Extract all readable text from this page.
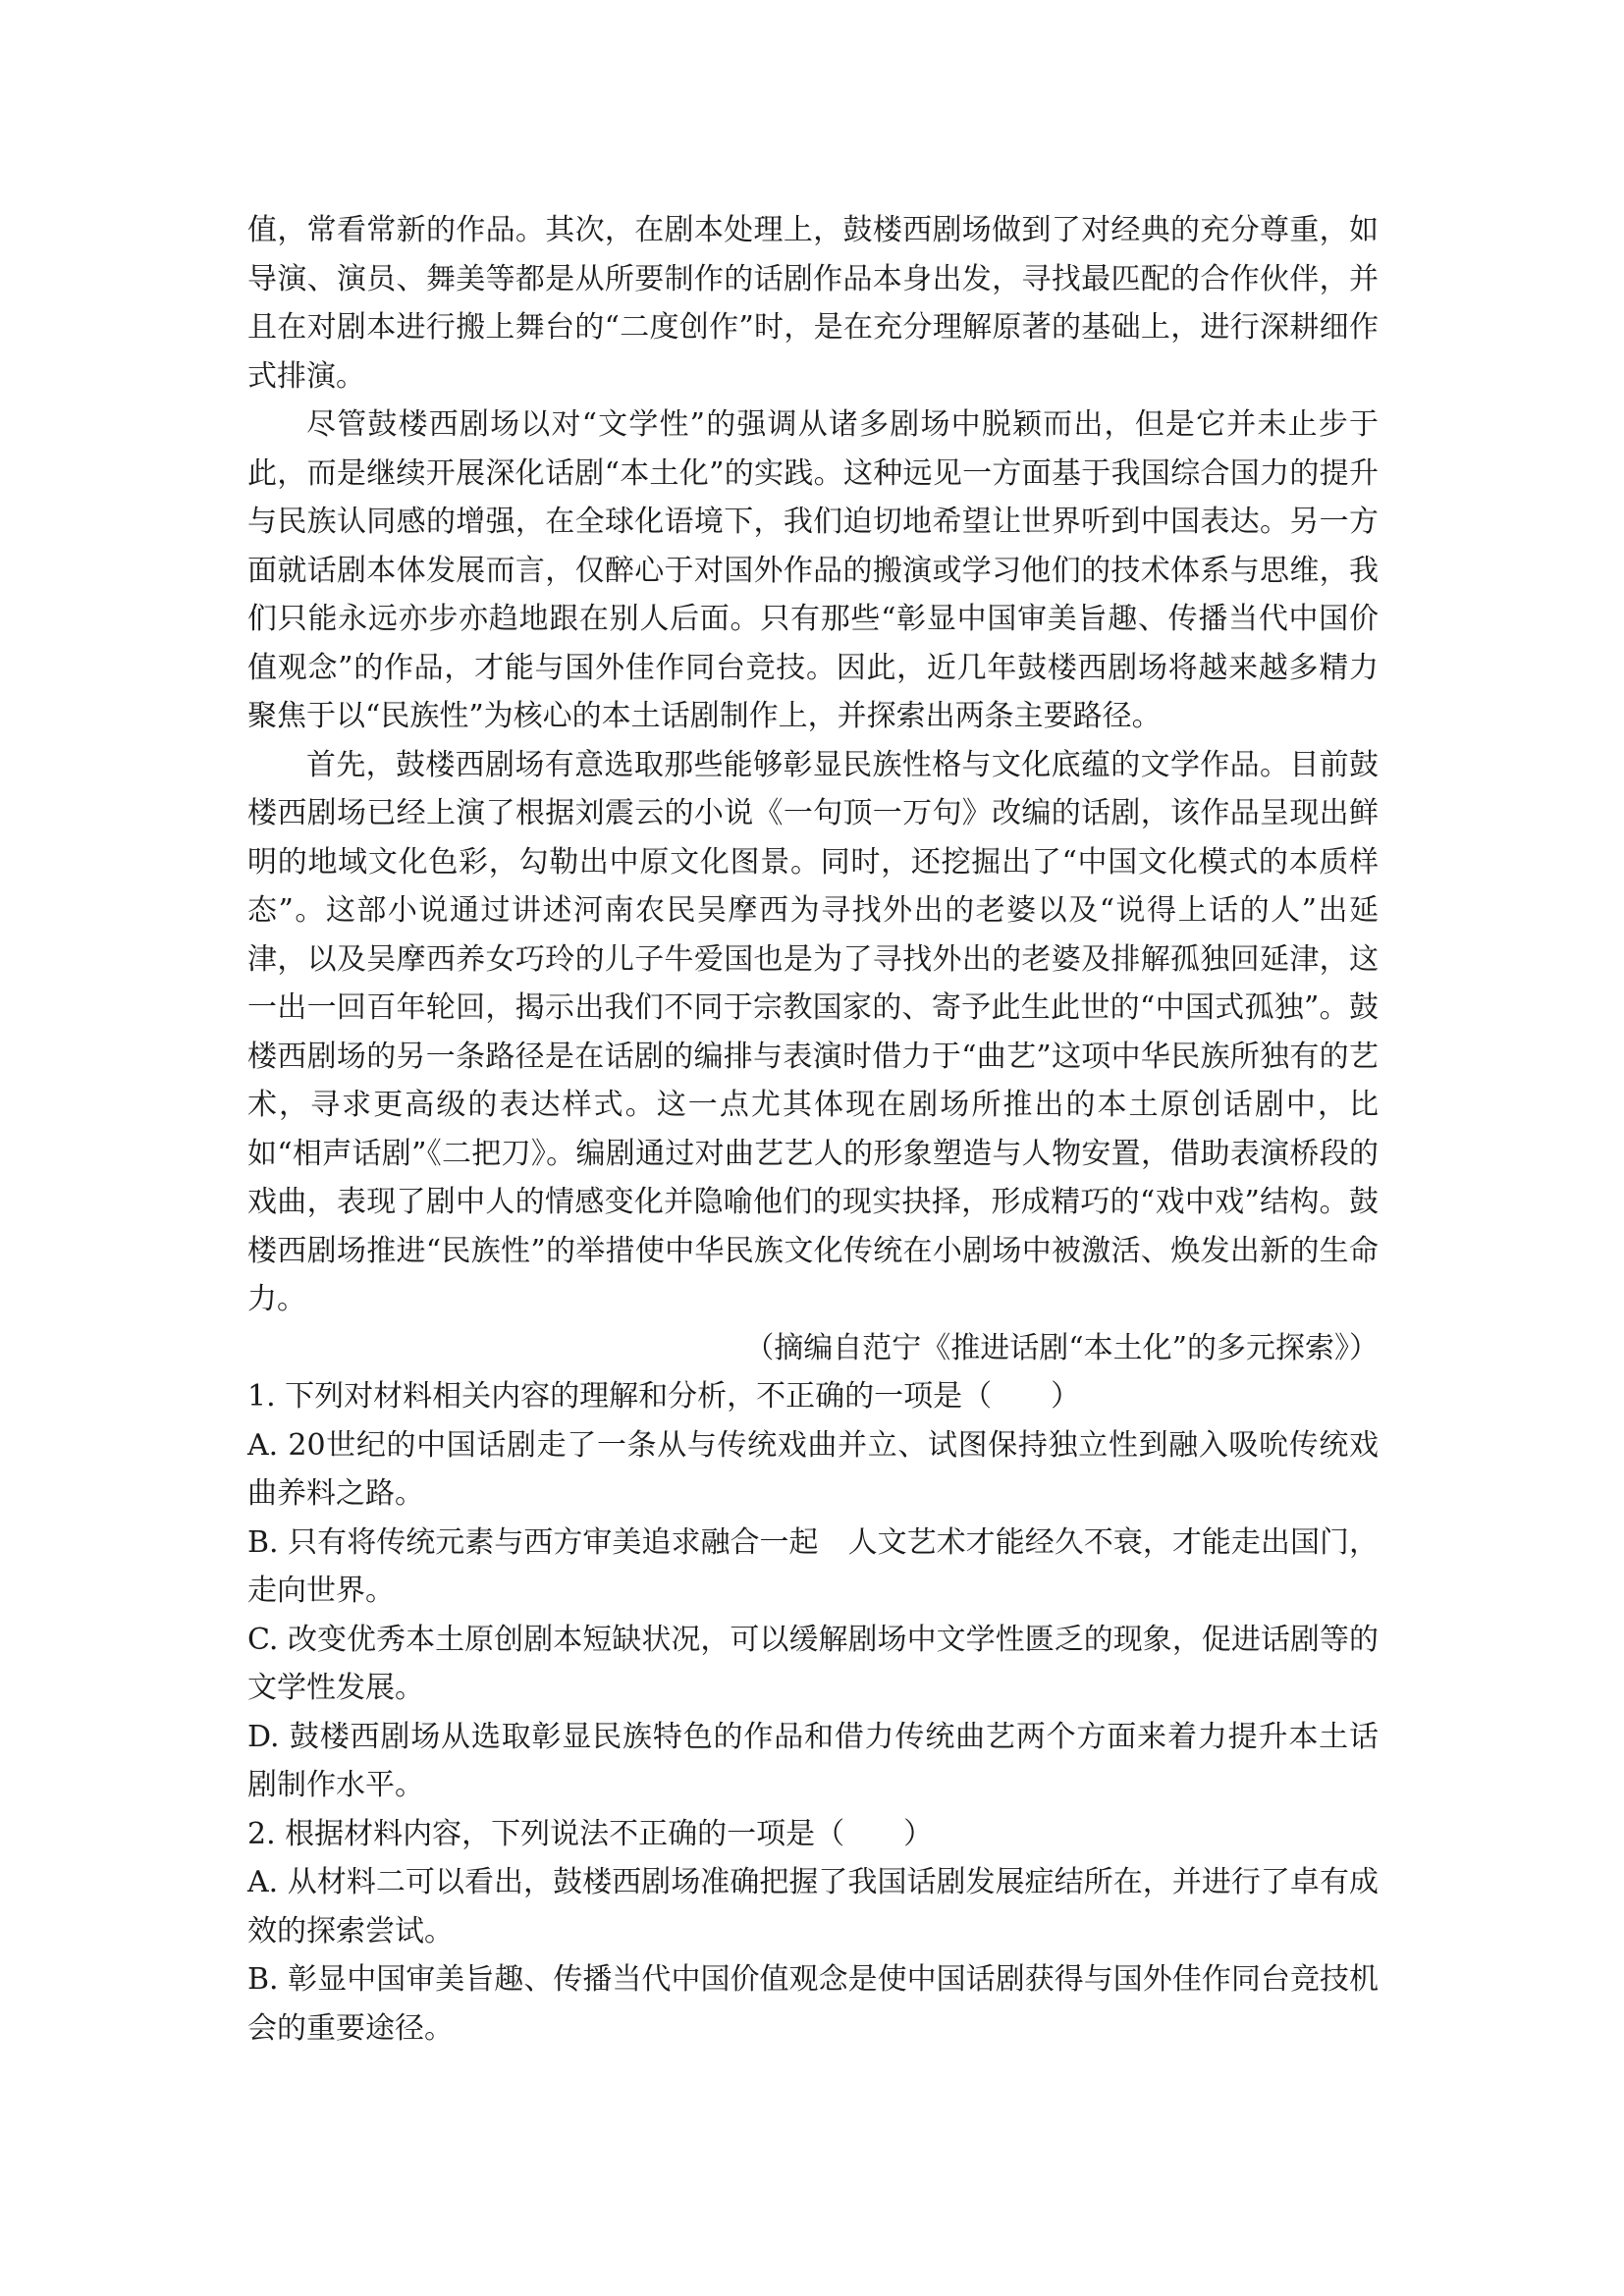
值，常看常新的作品。其次，在剧本处理上，鼓楼西剧场做到了对经典的充分尊重，如导演、演员、舞美等都是从所要制作的话剧作品本身出发，寻找最匹配的合作伙伴，并且在对剧本进行搬上舞台的“二度创作”时，是在充分理解原著的基础上，进行深耕细作式排演。

尽管鼓楼西剧场以对“文学性”的强调从诸多剧场中脱颖而出，但是它并未止步于此，而是继续开展深化话剧“本土化”的实践。这种远见一方面基于我国综合国力的提升与民族认同感的增强，在全球化语境下，我们迫切地希望让世界听到中国表达。另一方面就话剧本体发展而言，仅醉心于对国外作品的搬演或学习他们的技术体系与思维，我们只能永远亦步亦趋地跟在别人后面。只有那些“彰显中国审美旨趣、传播当代中国价值观念”的作品，才能与国外佳作同台竞技。因此，近几年鼓楼西剧场将越来越多精力聚焦于以“民族性”为核心的本土话剧制作上，并探索出两条主要路径。

首先，鼓楼西剧场有意选取那些能够彰显民族性格与文化底蕴的文学作品。目前鼓楼西剧场已经上演了根据刘震云的小说《一句顶一万句》改编的话剧，该作品呈现出鲜明的地域文化色彩，勾勒出中原文化图景。同时，还挖掘出了“中国文化模式的本质样态”。这部小说通过讲述河南农民吴摩西为寻找外出的老婆以及“说得上话的人”出延津，以及吴摩西养女巧玲的儿子牛爱国也是为了寻找外出的老婆及排解孤独回延津，这一出一回百年轮回，揭示出我们不同于宗教国家的、寄予此生此世的“中国式孤独”。鼓楼西剧场的另一条路径是在话剧的编排与表演时借力于“曲艺”这项中华民族所独有的艺术，寻求更高级的表达样式。这一点尤其体现在剧场所推出的本土原创话剧中，比如“相声话剧”《二把刀》。编剧通过对曲艺艺人的形象塑造与人物安置，借助表演桥段的戏曲，表现了剧中人的情感变化并隐喻他们的现实抉择，形成精巧的“戏中戏”结构。鼓楼西剧场推进“民族性”的举措使中华民族文化传统在小剧场中被激活、焕发出新的生命力。

（摘编自范宁《推进话剧“本土化”的多元探索》）

1. 下列对材料相关内容的理解和分析，不正确的一项是（　　）

A. 20世纪的中国话剧走了一条从与传统戏曲并立、试图保持独立性到融入吸吮传统戏曲养料之路。

B. 只有将传统元素与西方审美追求融合一起　人文艺术才能经久不衰，才能走出国门，走向世界。

C. 改变优秀本土原创剧本短缺状况，可以缓解剧场中文学性匮乏的现象，促进话剧等的文学性发展。

D. 鼓楼西剧场从选取彰显民族特色的作品和借力传统曲艺两个方面来着力提升本土话剧制作水平。

2. 根据材料内容，下列说法不正确的一项是（　　）

A. 从材料二可以看出，鼓楼西剧场准确把握了我国话剧发展症结所在，并进行了卓有成效的探索尝试。

B. 彰显中国审美旨趣、传播当代中国价值观念是使中国话剧获得与国外佳作同台竞技机会的重要途径。
